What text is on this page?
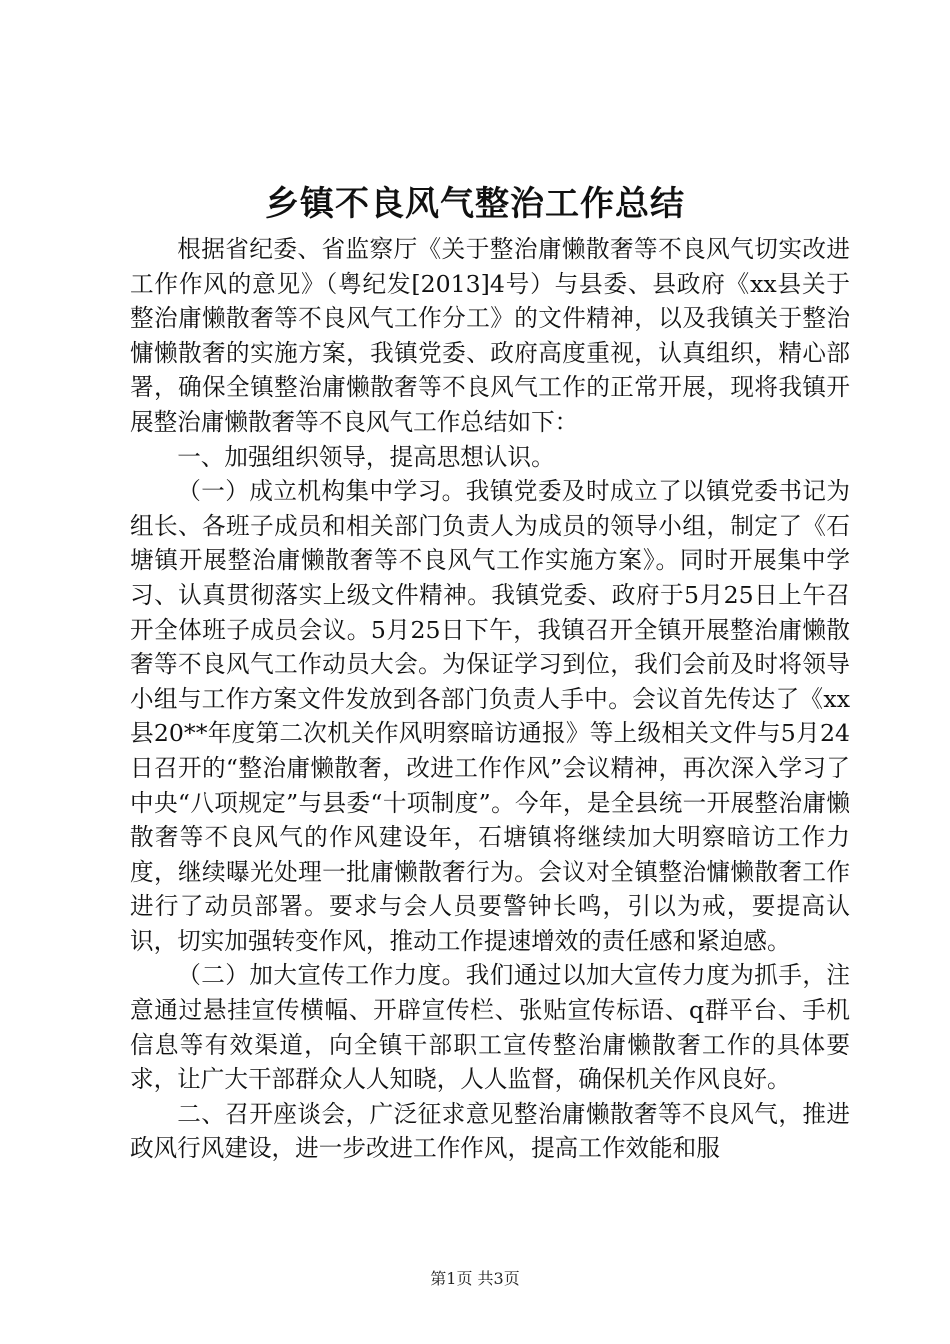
乡镇不良风气整治工作总结

根据省纪委、省监察厅《关于整治庸懒散奢等不良风气切实改进工作作风的意见》（粤纪发[2013]4号）与县委、县政府《xx县关于整治庸懒散奢等不良风气工作分工》的文件精神，以及我镇关于整治慵懒散奢的实施方案，我镇党委、政府高度重视，认真组织，精心部署，确保全镇整治庸懒散奢等不良风气工作的正常开展，现将我镇开展整治庸懒散奢等不良风气工作总结如下：

一、加强组织领导，提高思想认识。

（一）成立机构集中学习。我镇党委及时成立了以镇党委书记为组长、各班子成员和相关部门负责人为成员的领导小组，制定了《石塘镇开展整治庸懒散奢等不良风气工作实施方案》。同时开展集中学习、认真贯彻落实上级文件精神。我镇党委、政府于5月25日上午召开全体班子成员会议。5月25日下午，我镇召开全镇开展整治庸懒散奢等不良风气工作动员大会。为保证学习到位，我们会前及时将领导小组与工作方案文件发放到各部门负责人手中。会议首先传达了《xx县20**年度第二次机关作风明察暗访通报》等上级相关文件与5月24日召开的“整治庸懒散奢，改进工作作风”会议精神，再次深入学习了中央“八项规定”与县委“十项制度”。今年，是全县统一开展整治庸懒散奢等不良风气的作风建设年，石塘镇将继续加大明察暗访工作力度，继续曝光处理一批庸懒散奢行为。会议对全镇整治慵懒散奢工作进行了动员部署。要求与会人员要警钟长鸣，引以为戒，要提高认识，切实加强转变作风，推动工作提速增效的责任感和紧迫感。

（二）加大宣传工作力度。我们通过以加大宣传力度为抓手，注意通过悬挂宣传横幅、开辟宣传栏、张贴宣传标语、q群平台、手机信息等有效渠道，向全镇干部职工宣传整治庸懒散奢工作的具体要求，让广大干部群众人人知晓，人人监督，确保机关作风良好。

二、召开座谈会，广泛征求意见整治庸懒散奢等不良风气，推进政风行风建设，进一步改进工作作风，提高工作效能和服

第1页 共3页
